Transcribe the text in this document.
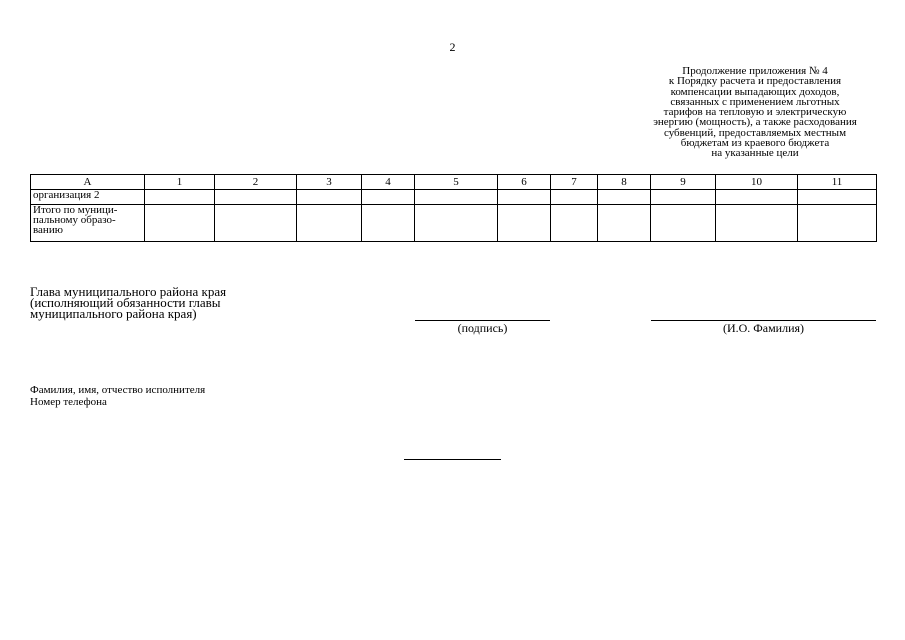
2
Продолжение приложения № 4
к Порядку расчета и предоставления
компенсации выпадающих доходов,
связанных с применением льготных
тарифов на тепловую и электрическую
энергию (мощность), а также расходования
субвенций, предоставляемых местным
бюджетам из краевого бюджета
на указанные цели
А	1	2	3	4	5	6	7	8	9	10	11
организация 2											
Итого по муници-
пальному образо-
ванию											
Глава муниципального района края
(исполняющий обязанности главы
муниципального района края)
(подпись)	(И.О. Фамилия)
Фамилия, имя, отчество исполнителя
Номер телефона
